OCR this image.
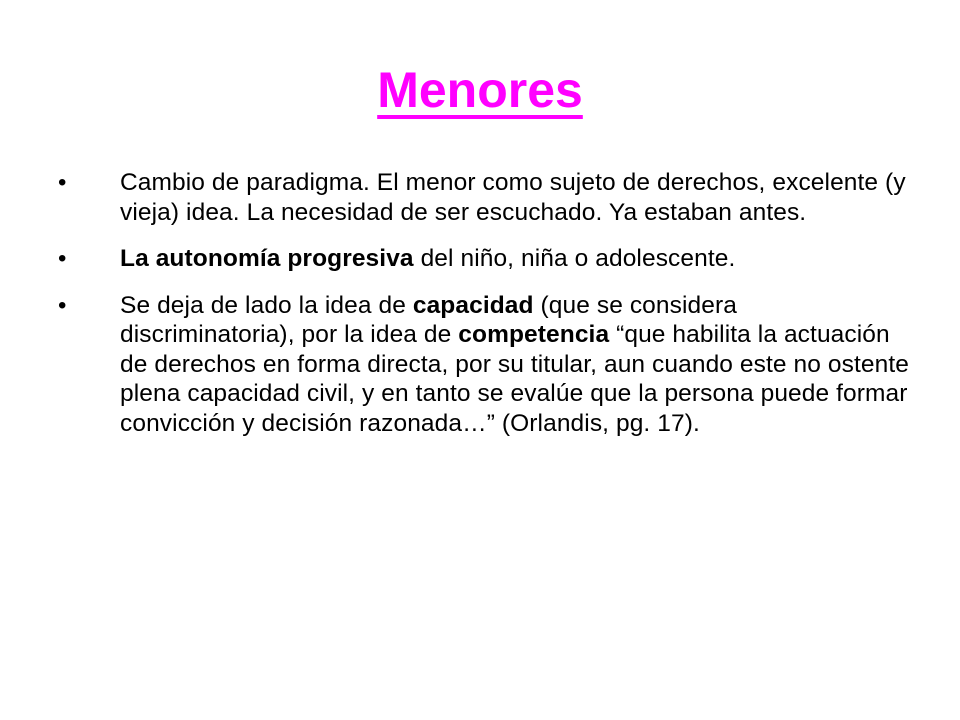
Menores
• Cambio de paradigma. El menor como sujeto de derechos, excelente (y vieja) idea. La necesidad de ser escuchado. Ya estaban antes.
• La autonomía progresiva del niño, niña o adolescente.
• Se deja de lado la idea de capacidad (que se considera discriminatoria), por la idea de competencia “que habilita la actuación de derechos en forma directa, por su titular, aun cuando este no ostente plena capacidad civil, y en tanto se evalúe que la persona puede formar convicción y decisión razonada…” (Orlandis, pg. 17).
